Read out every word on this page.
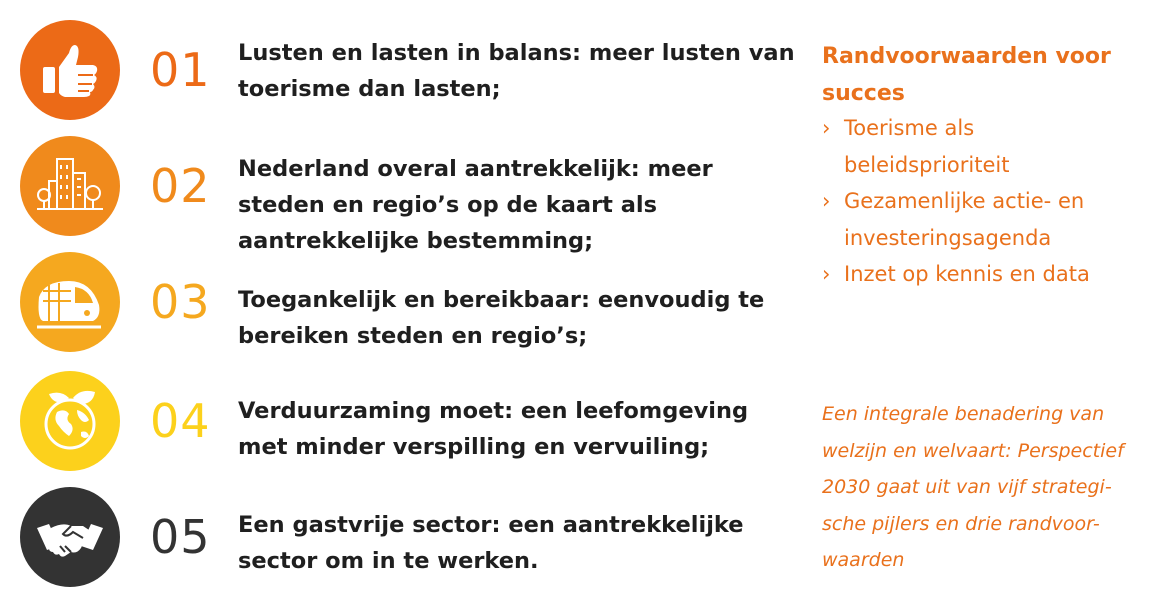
01 Lusten en lasten in balans: meer lusten van toerisme dan lasten;
02 Nederland overal aantrekkelijk: meer steden en regio’s op de kaart als aantrekkelijke bestemming;
03 Toegankelijk en bereikbaar: eenvoudig te bereiken steden en regio’s;
04 Verduurzaming moet: een leefomgeving met minder verspilling en vervuiling;
05 Een gastvrije sector: een aantrekkelijke sector om in te werken.
Randvoorwaarden voor succes
› Toerisme als beleidsprioriteit
› Gezamenlijke actie- en investeringsagenda
› Inzet op kennis en data
Een integrale benadering van
welzijn en welvaart: Perspectief
2030 gaat uit van vijf strategi-
sche pijlers en drie randvoor-
waarden
